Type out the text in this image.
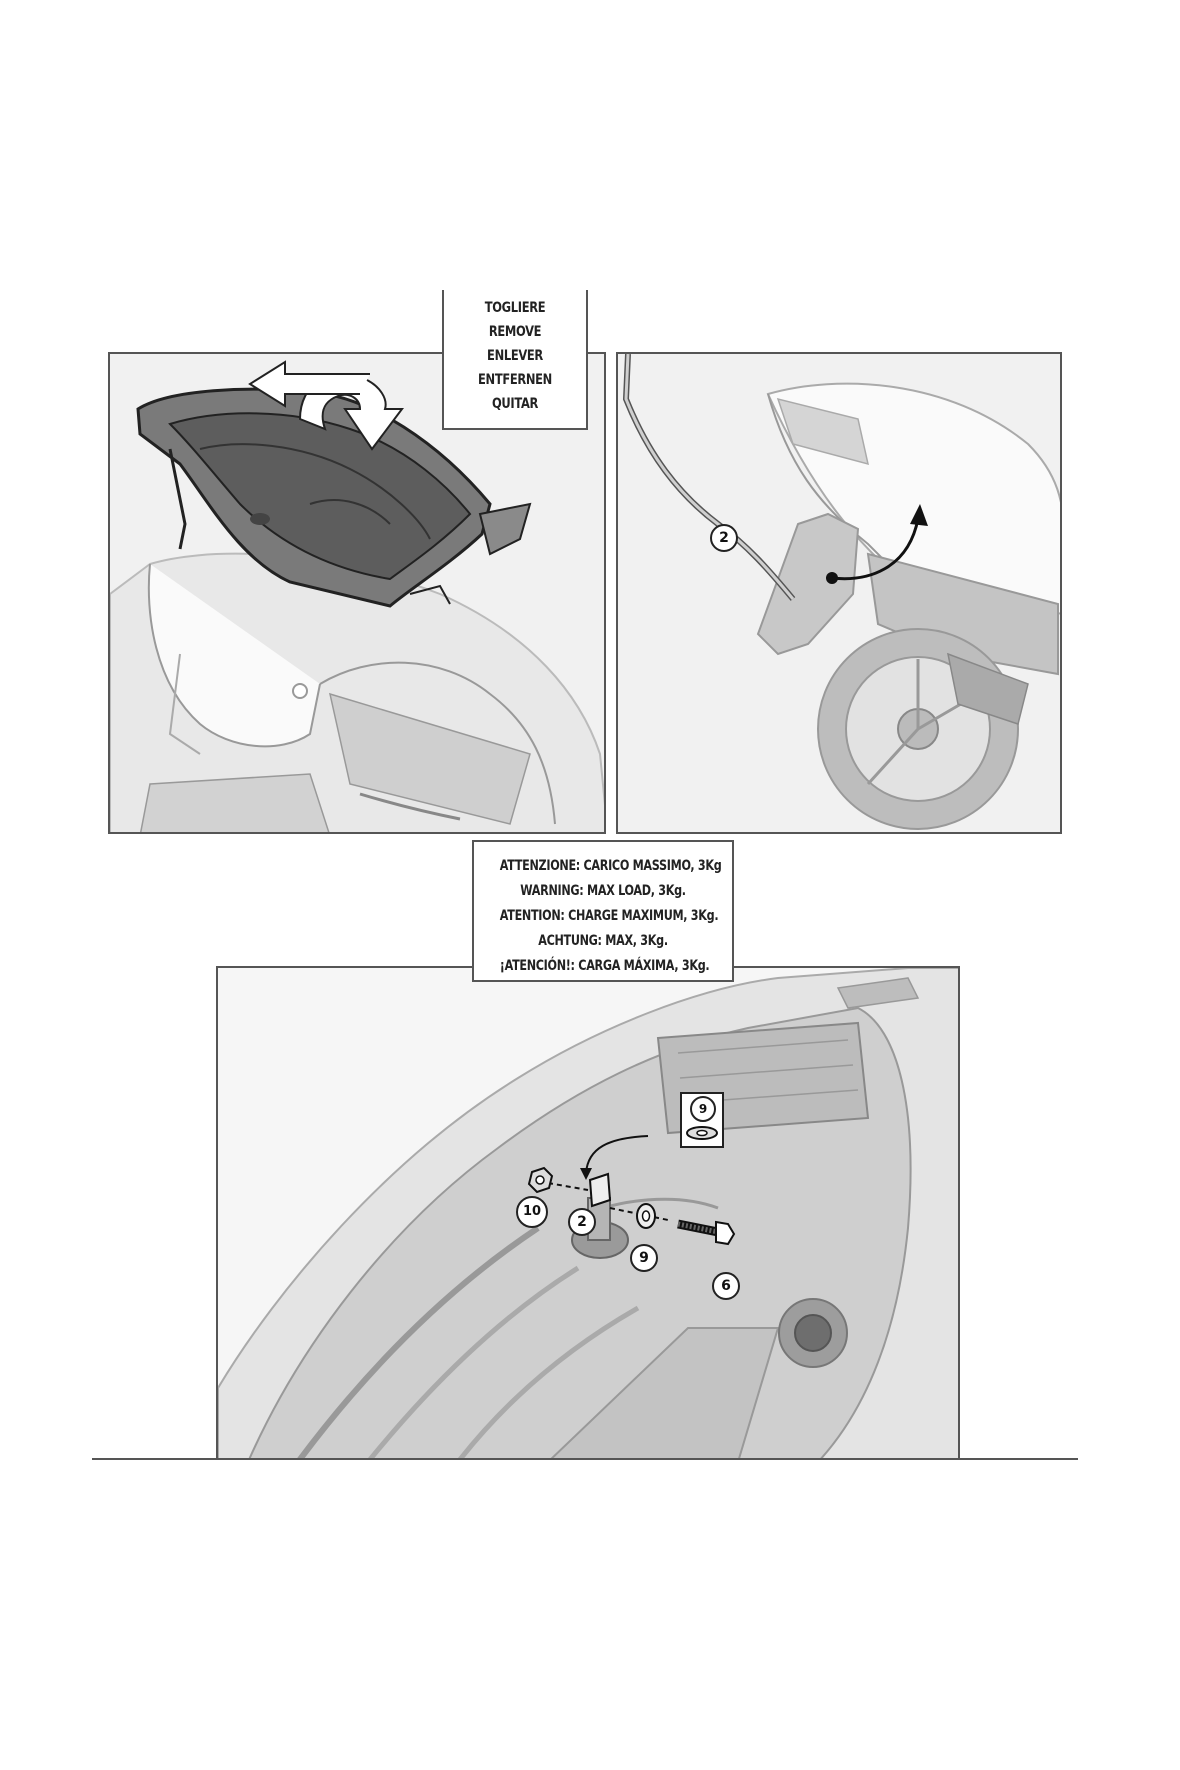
2
TOGLIERE
REMOVE
ENLEVER
ENTFERNEN
QUITAR
ATTENZIONE: CARICO MASSIMO, 3Kg
WARNING: MAX LOAD, 3Kg.
ATENTION: CHARGE MAXIMUM, 3Kg.
ACHTUNG: MAX, 3Kg.
¡ATENCIÓN!: CARGA MÁXIMA, 3Kg.
9
10
2
9
6
